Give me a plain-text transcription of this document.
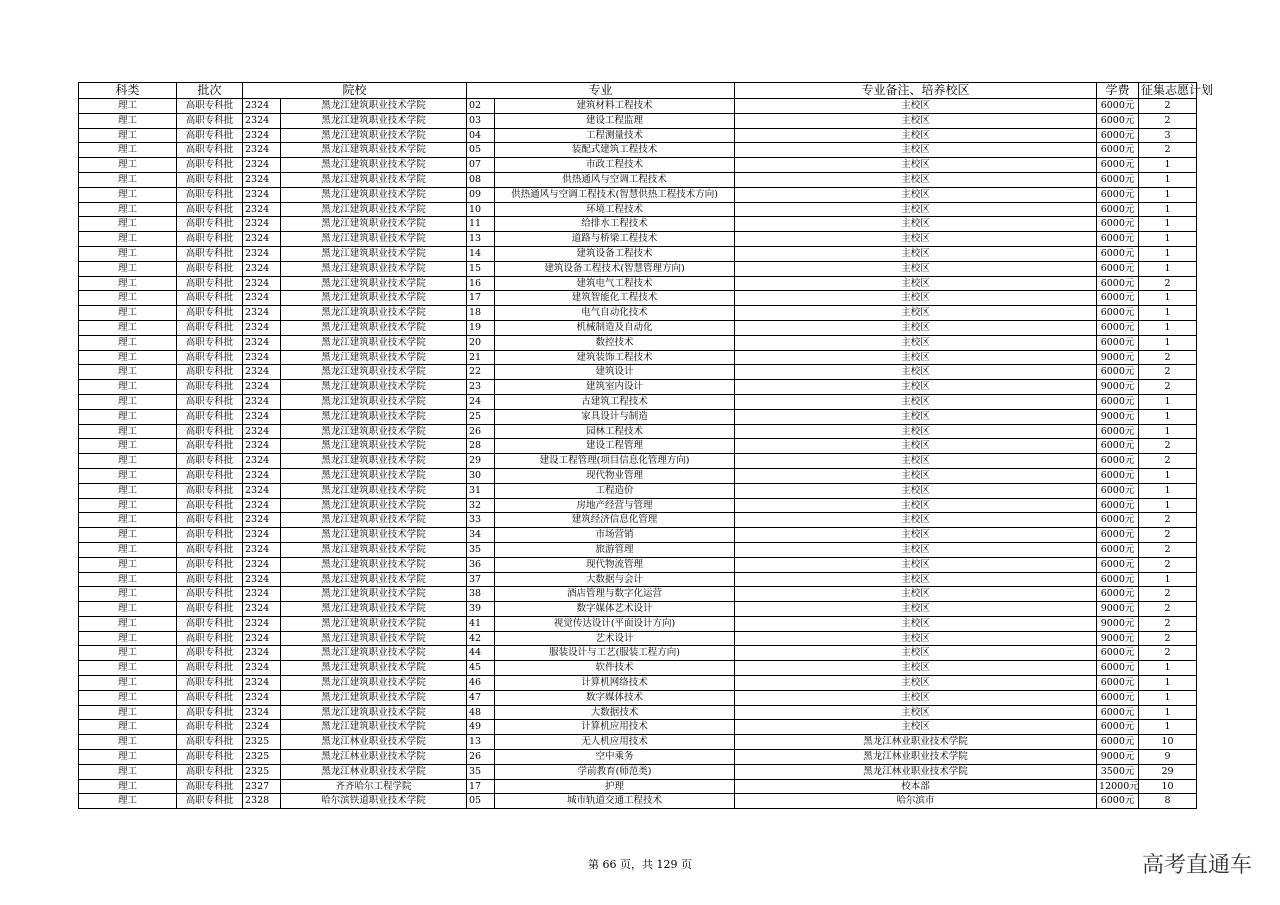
科类	批次	院校		专业		专业备注、培养校区	学费	征集志愿计划
理工	高职专科批	2324	黑龙江建筑职业技术学院	02	建筑材料工程技术	主校区	6000元	2
理工	高职专科批	2324	黑龙江建筑职业技术学院	03	建设工程监理	主校区	6000元	2
理工	高职专科批	2324	黑龙江建筑职业技术学院	04	工程测量技术	主校区	6000元	3
理工	高职专科批	2324	黑龙江建筑职业技术学院	05	装配式建筑工程技术	主校区	6000元	2
理工	高职专科批	2324	黑龙江建筑职业技术学院	07	市政工程技术	主校区	6000元	1
理工	高职专科批	2324	黑龙江建筑职业技术学院	08	供热通风与空调工程技术	主校区	6000元	1
理工	高职专科批	2324	黑龙江建筑职业技术学院	09	供热通风与空调工程技术(智慧供热工程技术方向)	主校区	6000元	1
理工	高职专科批	2324	黑龙江建筑职业技术学院	10	环境工程技术	主校区	6000元	1
理工	高职专科批	2324	黑龙江建筑职业技术学院	11	给排水工程技术	主校区	6000元	1
理工	高职专科批	2324	黑龙江建筑职业技术学院	13	道路与桥梁工程技术	主校区	6000元	1
理工	高职专科批	2324	黑龙江建筑职业技术学院	14	建筑设备工程技术	主校区	6000元	1
理工	高职专科批	2324	黑龙江建筑职业技术学院	15	建筑设备工程技术(智慧管理方向)	主校区	6000元	1
理工	高职专科批	2324	黑龙江建筑职业技术学院	16	建筑电气工程技术	主校区	6000元	2
理工	高职专科批	2324	黑龙江建筑职业技术学院	17	建筑智能化工程技术	主校区	6000元	1
理工	高职专科批	2324	黑龙江建筑职业技术学院	18	电气自动化技术	主校区	6000元	1
理工	高职专科批	2324	黑龙江建筑职业技术学院	19	机械制造及自动化	主校区	6000元	1
理工	高职专科批	2324	黑龙江建筑职业技术学院	20	数控技术	主校区	6000元	1
理工	高职专科批	2324	黑龙江建筑职业技术学院	21	建筑装饰工程技术	主校区	9000元	2
理工	高职专科批	2324	黑龙江建筑职业技术学院	22	建筑设计	主校区	6000元	2
理工	高职专科批	2324	黑龙江建筑职业技术学院	23	建筑室内设计	主校区	9000元	2
理工	高职专科批	2324	黑龙江建筑职业技术学院	24	古建筑工程技术	主校区	6000元	1
理工	高职专科批	2324	黑龙江建筑职业技术学院	25	家具设计与制造	主校区	9000元	1
理工	高职专科批	2324	黑龙江建筑职业技术学院	26	园林工程技术	主校区	6000元	1
理工	高职专科批	2324	黑龙江建筑职业技术学院	28	建设工程管理	主校区	6000元	2
理工	高职专科批	2324	黑龙江建筑职业技术学院	29	建设工程管理(项目信息化管理方向)	主校区	6000元	2
理工	高职专科批	2324	黑龙江建筑职业技术学院	30	现代物业管理	主校区	6000元	1
理工	高职专科批	2324	黑龙江建筑职业技术学院	31	工程造价	主校区	6000元	1
理工	高职专科批	2324	黑龙江建筑职业技术学院	32	房地产经营与管理	主校区	6000元	1
理工	高职专科批	2324	黑龙江建筑职业技术学院	33	建筑经济信息化管理	主校区	6000元	2
理工	高职专科批	2324	黑龙江建筑职业技术学院	34	市场营销	主校区	6000元	2
理工	高职专科批	2324	黑龙江建筑职业技术学院	35	旅游管理	主校区	6000元	2
理工	高职专科批	2324	黑龙江建筑职业技术学院	36	现代物流管理	主校区	6000元	2
理工	高职专科批	2324	黑龙江建筑职业技术学院	37	大数据与会计	主校区	6000元	1
理工	高职专科批	2324	黑龙江建筑职业技术学院	38	酒店管理与数字化运营	主校区	6000元	2
理工	高职专科批	2324	黑龙江建筑职业技术学院	39	数字媒体艺术设计	主校区	9000元	2
理工	高职专科批	2324	黑龙江建筑职业技术学院	41	视觉传达设计(平面设计方向)	主校区	9000元	2
理工	高职专科批	2324	黑龙江建筑职业技术学院	42	艺术设计	主校区	9000元	2
理工	高职专科批	2324	黑龙江建筑职业技术学院	44	服装设计与工艺(服装工程方向)	主校区	6000元	2
理工	高职专科批	2324	黑龙江建筑职业技术学院	45	软件技术	主校区	6000元	1
理工	高职专科批	2324	黑龙江建筑职业技术学院	46	计算机网络技术	主校区	6000元	1
理工	高职专科批	2324	黑龙江建筑职业技术学院	47	数字媒体技术	主校区	6000元	1
理工	高职专科批	2324	黑龙江建筑职业技术学院	48	大数据技术	主校区	6000元	1
理工	高职专科批	2324	黑龙江建筑职业技术学院	49	计算机应用技术	主校区	6000元	1
理工	高职专科批	2325	黑龙江林业职业技术学院	13	无人机应用技术	黑龙江林业职业技术学院	6000元	10
理工	高职专科批	2325	黑龙江林业职业技术学院	26	空中乘务	黑龙江林业职业技术学院	9000元	9
理工	高职专科批	2325	黑龙江林业职业技术学院	35	学前教育(师范类)	黑龙江林业职业技术学院	3500元	29
理工	高职专科批	2327	齐齐哈尔工程学院	17	护理	校本部	12000元	10
理工	高职专科批	2328	哈尔滨铁道职业技术学院	05	城市轨道交通工程技术	哈尔滨市	6000元	8
第 66 页，共 129 页	高考直通车
